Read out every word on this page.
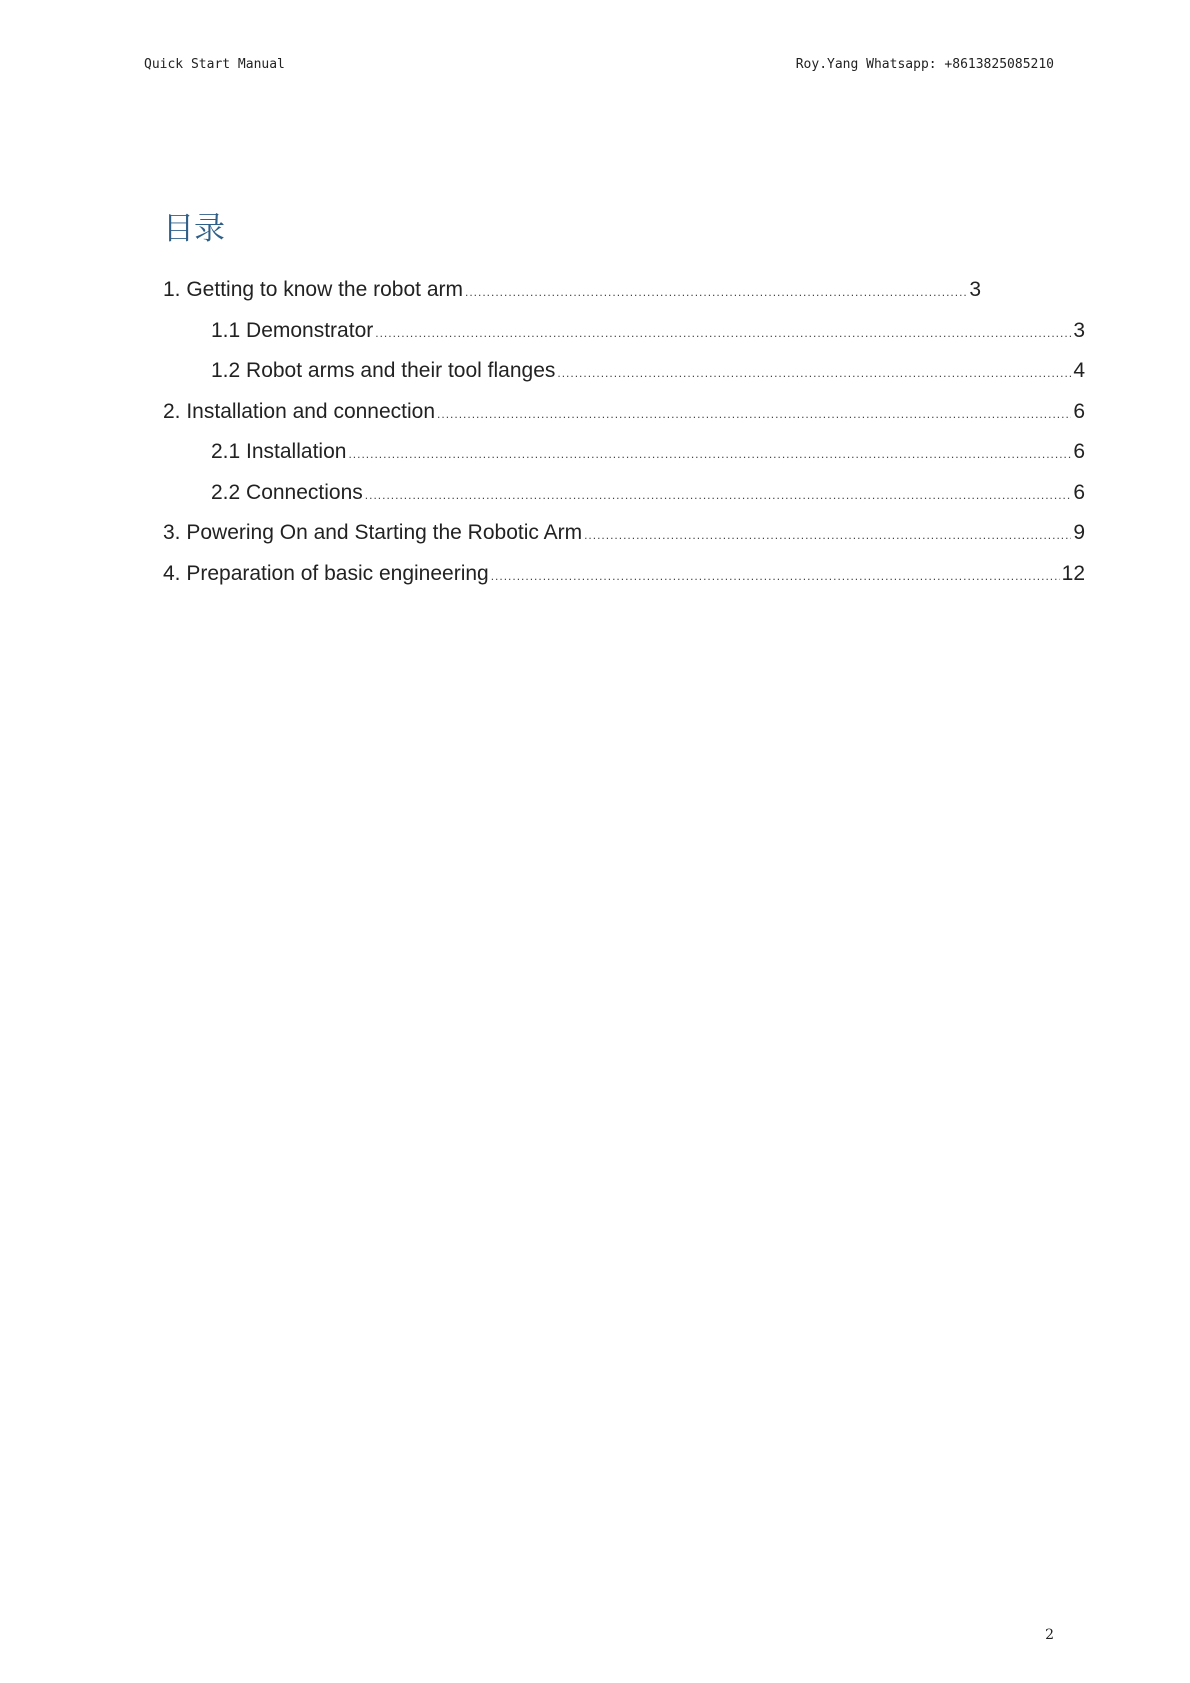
Quick Start Manual	Roy.Yang Whatsapp: +8613825085210
目录
1. Getting to know the robot arm .....	3
1.1 Demonstrator .....	3
1.2 Robot arms and their tool flanges .....	4
2. Installation and connection .....	6
2.1 Installation .....	6
2.2 Connections .....	6
3. Powering On and Starting the Robotic Arm .....	9
4. Preparation of basic engineering .....	12
2
